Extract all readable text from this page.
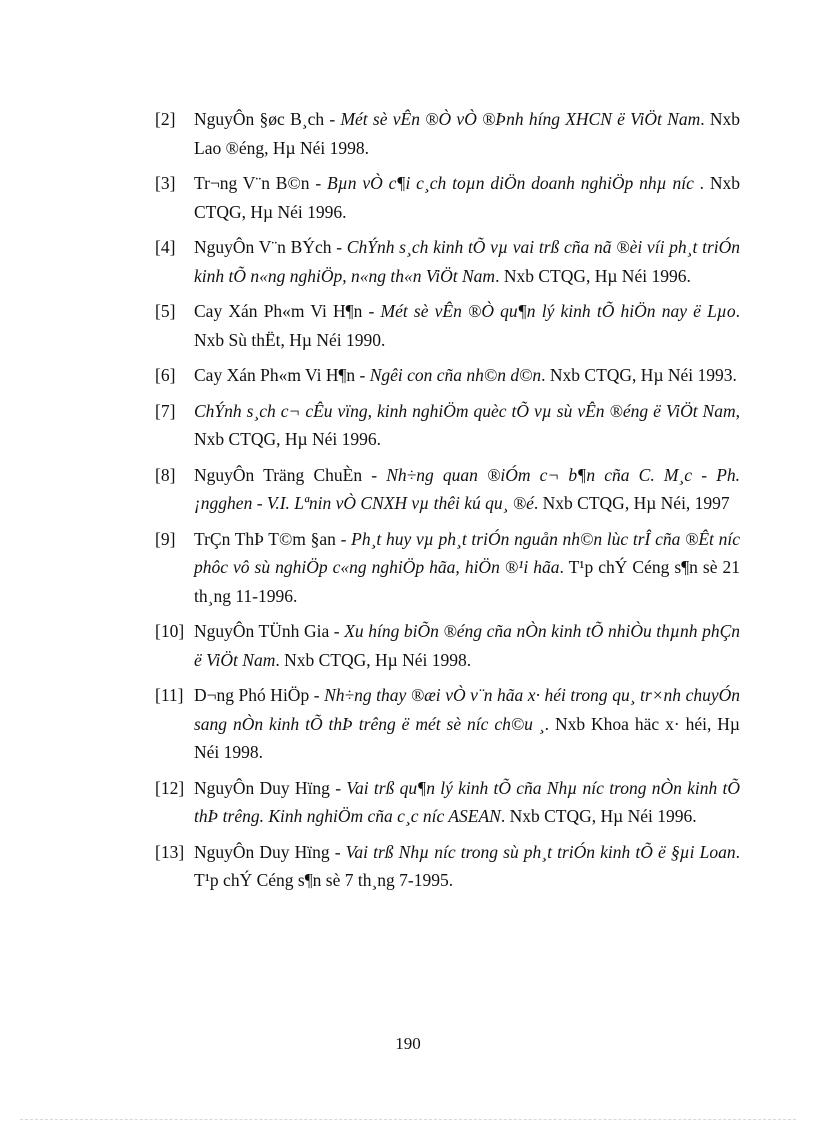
[2] NguyÔn §øc B¸ch - Mét sè vÊn ®Ò vÒ ®Þnh híng XHCN ë ViÖt Nam. Nxb Lao ®éng, Hµ Néi 1998.
[3] Tr¬ng V¨n B©n - Bµn vÒ c¶i c¸ch toµn diÖn doanh nghiÖp nhµ níc . Nxb CTQG, Hµ Néi 1996.
[4] NguyÔn V¨n BÝch - ChÝnh s¸ch kinh tÕ vµ vai trß cña nã ®èi víi ph¸t triÓn kinh tÕ n«ng nghiÖp, n«ng th«n ViÖt Nam. Nxb CTQG, Hµ Néi 1996.
[5] Cay Xán Ph«m Vi H¶n - Mét sè vÊn ®Ò qu¶n lý kinh tÕ hiÖn nay ë Lµo. Nxb Sù thËt, Hµ Néi 1990.
[6] Cay Xán Ph«m Vi H¶n - Ngêi con cña nh©n d©n. Nxb CTQG, Hµ Néi 1993.
[7] ChÝnh s¸ch c¬ cÊu vïng, kinh nghiÖm quèc tÕ vµ sù vÊn ®éng ë ViÖt Nam, Nxb CTQG, Hµ Néi 1996.
[8] NguyÔn Träng ChuÈn - Nh÷ng quan ®iÓm c¬ b¶n cña C. M¸c - Ph. ¡ngghen - V.I. Lªnin vÒ CNXH vµ thêi kú qu¸ ®é. Nxb CTQG, Hµ Néi, 1997
[9] TrÇn ThÞ T©m §an - Ph¸t huy vµ ph¸t triÓn nguån nh©n lùc trÎ cña ®Êt níc phôc vô sù nghiÖp c«ng nghiÖp hãa, hiÖn ®¹i hãa. T¹p chÝ Céng s¶n sè 21 th¸ng 11-1996.
[10] NguyÔn TÜnh Gia - Xu híng biÕn ®éng cña nÒn kinh tÕ nhiÒu thµnh phÇn ë ViÖt Nam. Nxb CTQG, Hµ Néi 1998.
[11] D¬ng Phó HiÖp - Nh÷ng thay ®æi vÒ v¨n hãa x· héi trong qu¸ tr×nh chuyÓn sang nÒn kinh tÕ thÞ trêng ë mét sè níc ch©u ¸. Nxb Khoa häc x· héi, Hµ Néi 1998.
[12] NguyÔn Duy Hïng - Vai trß qu¶n lý kinh tÕ cña Nhµ níc trong nÒn kinh tÕ thÞ trêng. Kinh nghiÖm cña c¸c níc ASEAN. Nxb CTQG, Hµ Néi 1996.
[13] NguyÔn Duy Hïng - Vai trß Nhµ níc trong sù ph¸t triÓn kinh tÕ ë §µi Loan. T¹p chÝ Céng s¶n sè 7 th¸ng 7-1995.
190
